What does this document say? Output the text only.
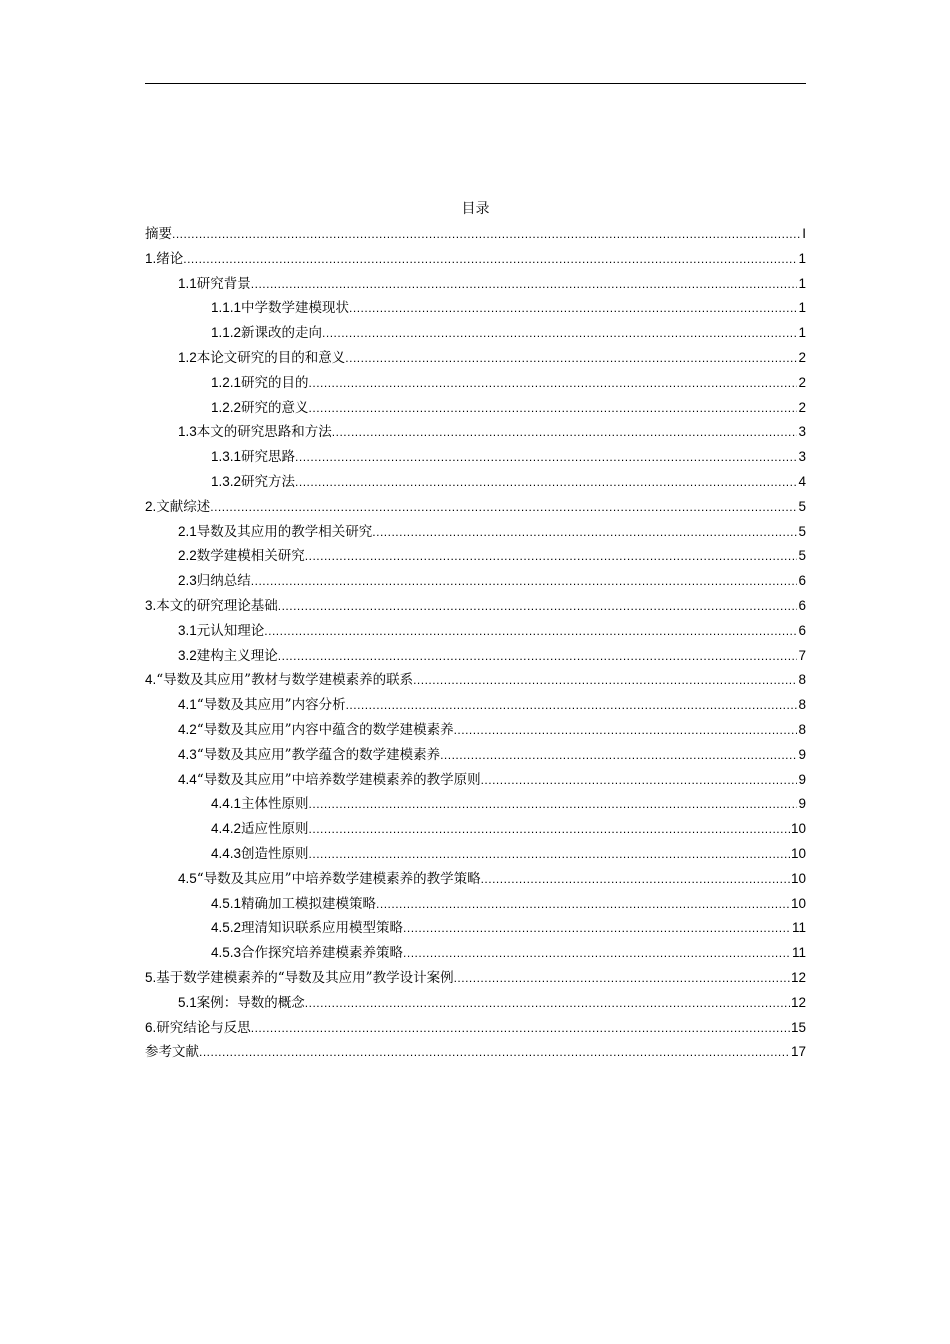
目录
摘要 .....	I
1. 绪论 .....	1
1.1 研究背景 .....	1
1.1.1 中学数学建模现状 .....	1
1.1.2 新课改的走向 .....	1
1.2 本论文研究的目的和意义 .....	2
1.2.1 研究的目的 .....	2
1.2.2 研究的意义 .....	2
1.3 本文的研究思路和方法 .....	3
1.3.1 研究思路 .....	3
1.3.2 研究方法 .....	4
2. 文献综述 .....	5
2.1 导数及其应用的教学相关研究 .....	5
2.2 数学建模相关研究 .....	5
2.3 归纳总结 .....	6
3. 本文的研究理论基础 .....	6
3.1 元认知理论 .....	6
3.2 建构主义理论 .....	7
4. “导数及其应用”教材与数学建模素养的联系 .....	8
4.1 “导数及其应用”内容分析 .....	8
4.2 “导数及其应用”内容中蕴含的数学建模素养 .....	8
4.3 “导数及其应用”教学蕴含的数学建模素养 .....	9
4.4 “导数及其应用”中培养数学建模素养的教学原则 .....	9
4.4.1 主体性原则 .....	9
4.4.2 适应性原则 .....	10
4.4.3 创造性原则 .....	10
4.5 “导数及其应用”中培养数学建模素养的教学策略 .....	10
4.5.1 精确加工模拟建模策略 .....	10
4.5.2 理清知识联系应用模型策略 .....	11
4.5.3 合作探究培养建模素养策略 .....	11
5. 基于数学建模素养的“导数及其应用”教学设计案例 .....	12
5.1 案例：导数的概念 .....	12
6. 研究结论与反思 .....	15
参考文献 .....	17
